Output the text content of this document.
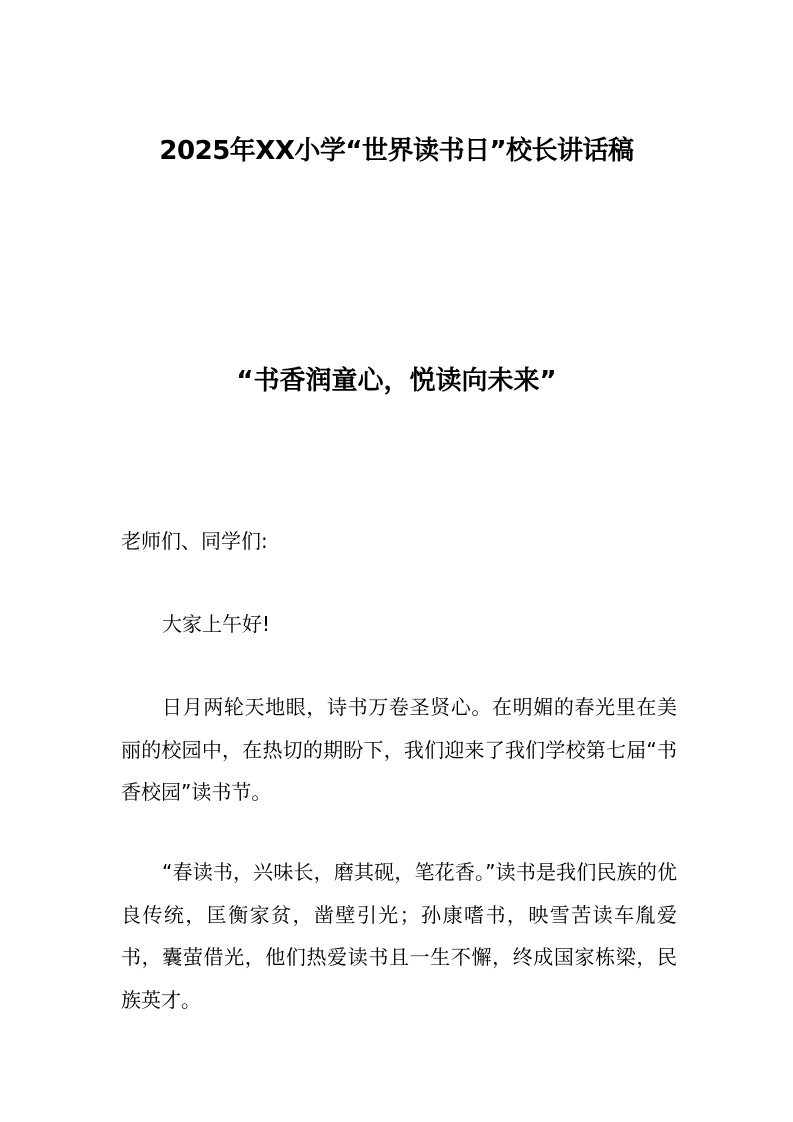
2025年XX小学“世界读书日”校长讲话稿
“书香润童心，悦读向未来”

老师们、同学们:

大家上午好!

日月两轮天地眼，诗书万卷圣贤心。在明媚的春光里在美丽的校园中，在热切的期盼下，我们迎来了我们学校第七届“书香校园”读书节。

“春读书，兴味长，磨其砚，笔花香。”读书是我们民族的优良传统，匡衡家贫，凿壁引光；孙康嗜书，映雪苦读车胤爱书，囊萤借光，他们热爱读书且一生不懈，终成国家栋梁，民族英才。
